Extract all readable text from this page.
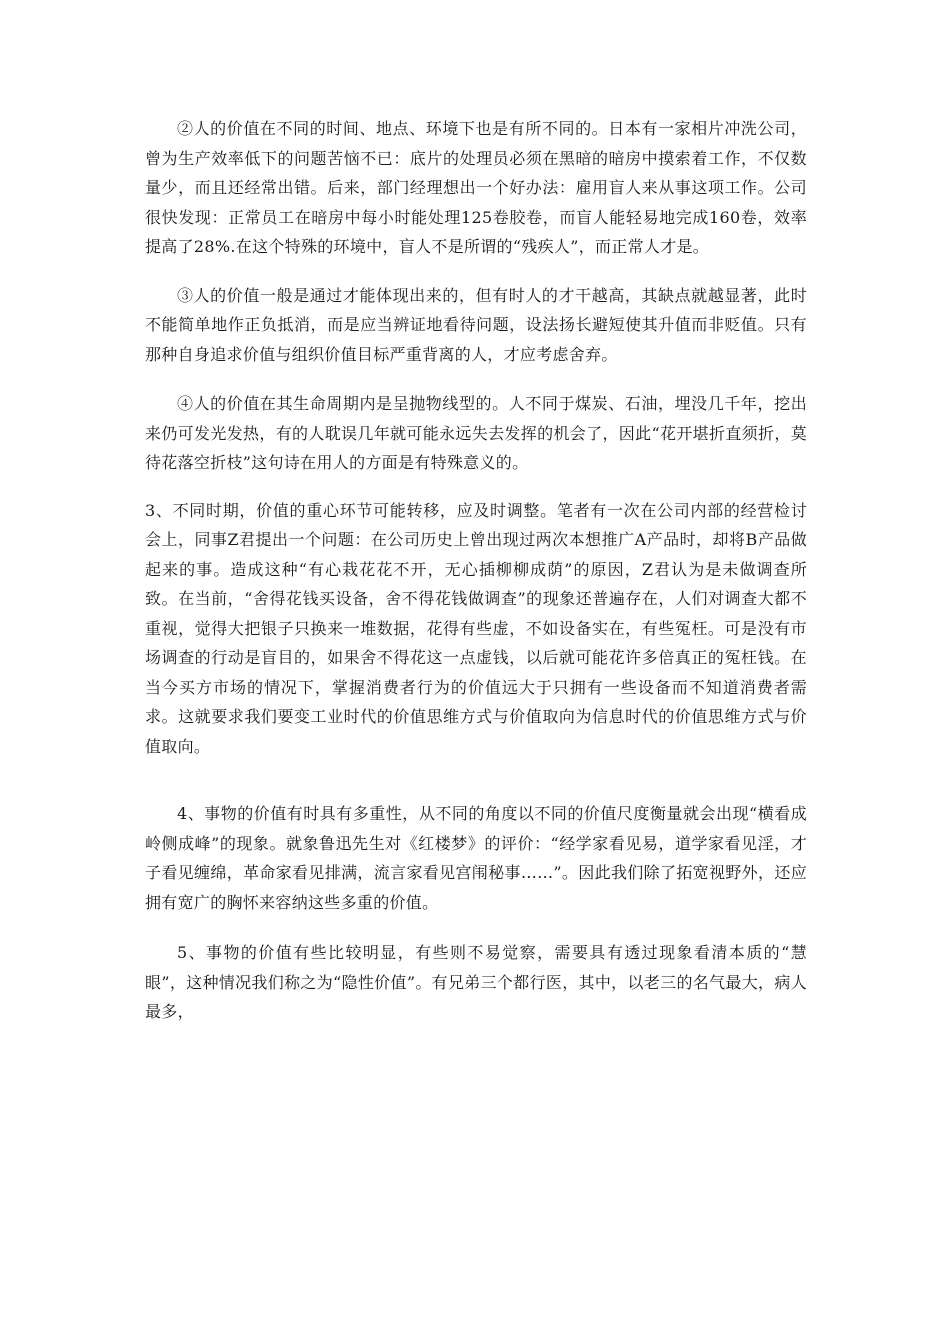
②人的价值在不同的时间、地点、环境下也是有所不同的。日本有一家相片冲洗公司，曾为生产效率低下的问题苦恼不已：底片的处理员必须在黑暗的暗房中摸索着工作，不仅数量少，而且还经常出错。后来，部门经理想出一个好办法：雇用盲人来从事这项工作。公司很快发现：正常员工在暗房中每小时能处理125卷胶卷，而盲人能轻易地完成160卷，效率提高了28%.在这个特殊的环境中，盲人不是所谓的“残疾人”，而正常人才是。

③人的价值一般是通过才能体现出来的，但有时人的才干越高，其缺点就越显著，此时不能简单地作正负抵消，而是应当辨证地看待问题，设法扬长避短使其升值而非贬值。只有那种自身追求价值与组织价值目标严重背离的人，才应考虑舍弃。

④人的价值在其生命周期内是呈抛物线型的。人不同于煤炭、石油，埋没几千年，挖出来仍可发光发热，有的人耽误几年就可能永远失去发挥的机会了，因此“花开堪折直须折，莫待花落空折枝”这句诗在用人的方面是有特殊意义的。

3、不同时期，价值的重心环节可能转移，应及时调整。笔者有一次在公司内部的经营检讨会上，同事Z君提出一个问题：在公司历史上曾出现过两次本想推广A产品时，却将B产品做起来的事。造成这种“有心栽花花不开，无心插柳柳成荫”的原因，Z君认为是未做调查所致。在当前，“舍得花钱买设备，舍不得花钱做调查”的现象还普遍存在，人们对调查大都不重视，觉得大把银子只换来一堆数据，花得有些虚，不如设备实在，有些冤枉。可是没有市场调查的行动是盲目的，如果舍不得花这一点虚钱，以后就可能花许多倍真正的冤枉钱。在当今买方市场的情况下，掌握消费者行为的价值远大于只拥有一些设备而不知道消费者需求。这就要求我们要变工业时代的价值思维方式与价值取向为信息时代的价值思维方式与价值取向。

4、事物的价值有时具有多重性，从不同的角度以不同的价值尺度衡量就会出现“横看成岭侧成峰”的现象。就象鲁迅先生对《红楼梦》的评价：“经学家看见易，道学家看见淫，才子看见缠绵，革命家看见排满，流言家看见宫闱秘事……”。因此我们除了拓宽视野外，还应拥有宽广的胸怀来容纳这些多重的价值。

5、事物的价值有些比较明显，有些则不易觉察，需要具有透过现象看清本质的“慧眼”，这种情况我们称之为“隐性价值”。有兄弟三个都行医，其中，以老三的名气最大，病人最多，
